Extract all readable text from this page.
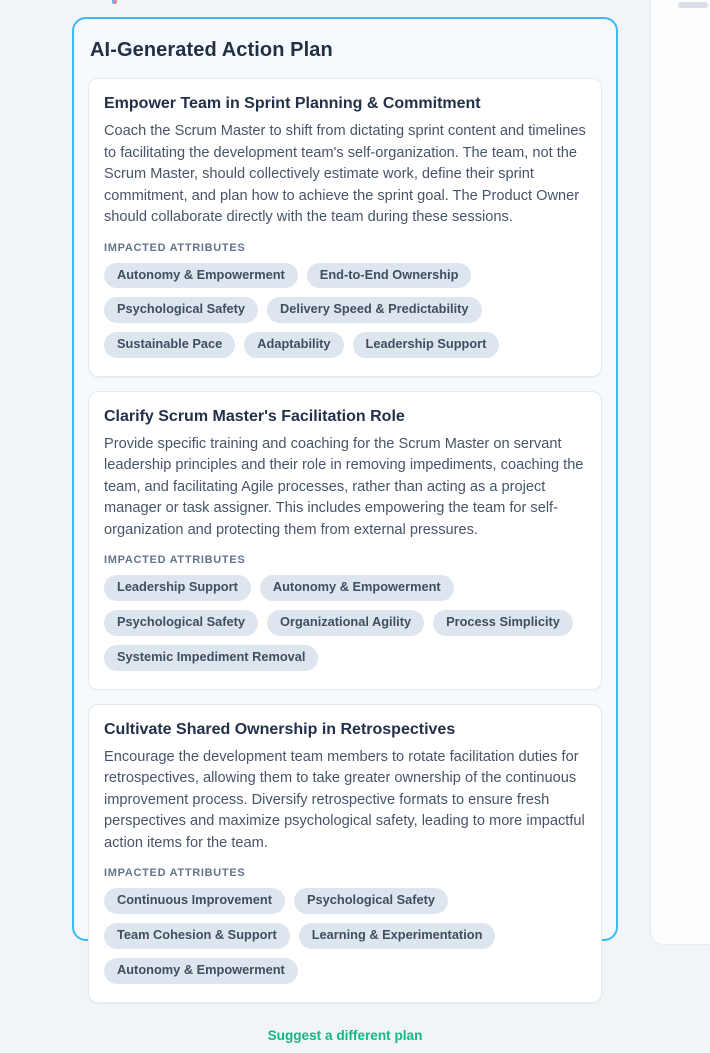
AI-Generated Action Plan
Empower Team in Sprint Planning & Commitment
Coach the Scrum Master to shift from dictating sprint content and timelines to facilitating the development team's self-organization. The team, not the Scrum Master, should collectively estimate work, define their sprint commitment, and plan how to achieve the sprint goal. The Product Owner should collaborate directly with the team during these sessions.
IMPACTED ATTRIBUTES
Autonomy & Empowerment	End-to-End Ownership
Psychological Safety	Delivery Speed & Predictability
Sustainable Pace	Adaptability	Leadership Support
Clarify Scrum Master's Facilitation Role
Provide specific training and coaching for the Scrum Master on servant leadership principles and their role in removing impediments, coaching the team, and facilitating Agile processes, rather than acting as a project manager or task assigner. This includes empowering the team for self-organization and protecting them from external pressures.
IMPACTED ATTRIBUTES
Leadership Support	Autonomy & Empowerment
Psychological Safety	Organizational Agility	Process Simplicity
Systemic Impediment Removal
Cultivate Shared Ownership in Retrospectives
Encourage the development team members to rotate facilitation duties for retrospectives, allowing them to take greater ownership of the continuous improvement process. Diversify retrospective formats to ensure fresh perspectives and maximize psychological safety, leading to more impactful action items for the team.
IMPACTED ATTRIBUTES
Continuous Improvement	Psychological Safety
Team Cohesion & Support	Learning & Experimentation
Autonomy & Empowerment
Suggest a different plan
